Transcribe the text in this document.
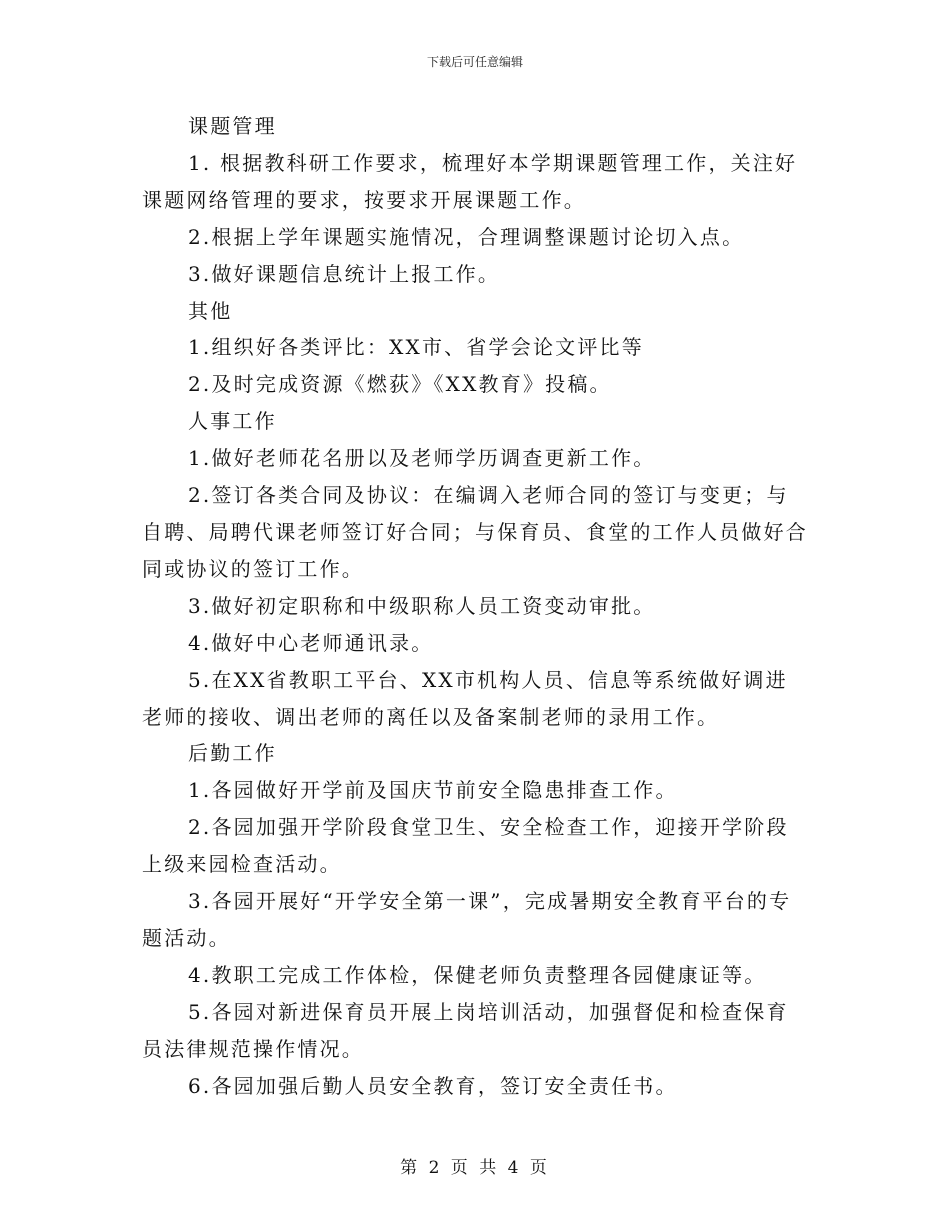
下载后可任意编辑

课题管理

1. 根据教科研工作要求，梳理好本学期课题管理工作，关注好课题网络管理的要求，按要求开展课题工作。

2.根据上学年课题实施情况，合理调整课题讨论切入点。

3.做好课题信息统计上报工作。

其他

1.组织好各类评比：XX市、省学会论文评比等

2.及时完成资源《燃荻》《XX教育》投稿。

人事工作

1.做好老师花名册以及老师学历调查更新工作。

2.签订各类合同及协议：在编调入老师合同的签订与变更；与自聘、局聘代课老师签订好合同；与保育员、食堂的工作人员做好合同或协议的签订工作。

3.做好初定职称和中级职称人员工资变动审批。

4.做好中心老师通讯录。

5.在XX省教职工平台、XX市机构人员、信息等系统做好调进老师的接收、调出老师的离任以及备案制老师的录用工作。

后勤工作

1.各园做好开学前及国庆节前安全隐患排查工作。

2.各园加强开学阶段食堂卫生、安全检查工作，迎接开学阶段上级来园检查活动。

3.各园开展好“开学安全第一课”，完成暑期安全教育平台的专题活动。

4.教职工完成工作体检，保健老师负责整理各园健康证等。

5.各园对新进保育员开展上岗培训活动，加强督促和检查保育员法律规范操作情况。

6.各园加强后勤人员安全教育，签订安全责任书。

第 2 页 共 4 页
